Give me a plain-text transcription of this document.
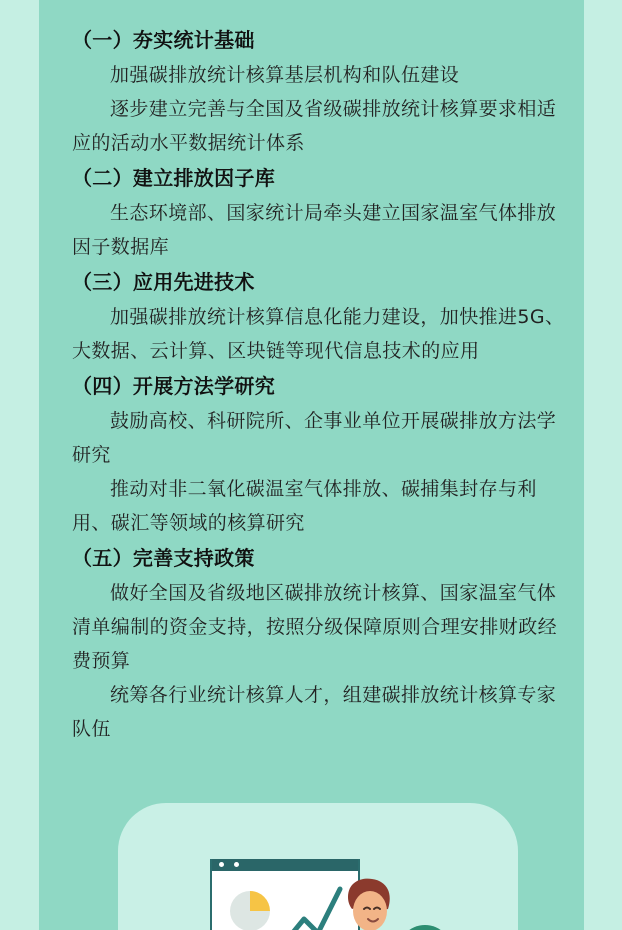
（一）夯实统计基础

加强碳排放统计核算基层机构和队伍建设

逐步建立完善与全国及省级碳排放统计核算要求相适应的活动水平数据统计体系

（二）建立排放因子库

生态环境部、国家统计局牵头建立国家温室气体排放因子数据库

（三）应用先进技术

加强碳排放统计核算信息化能力建设，加快推进5G、大数据、云计算、区块链等现代信息技术的应用

（四）开展方法学研究

鼓励高校、科研院所、企事业单位开展碳排放方法学研究

推动对非二氧化碳温室气体排放、碳捕集封存与利用、碳汇等领域的核算研究

（五）完善支持政策

做好全国及省级地区碳排放统计核算、国家温室气体清单编制的资金支持，按照分级保障原则合理安排财政经费预算

统筹各行业统计核算人才，组建碳排放统计核算专家队伍
